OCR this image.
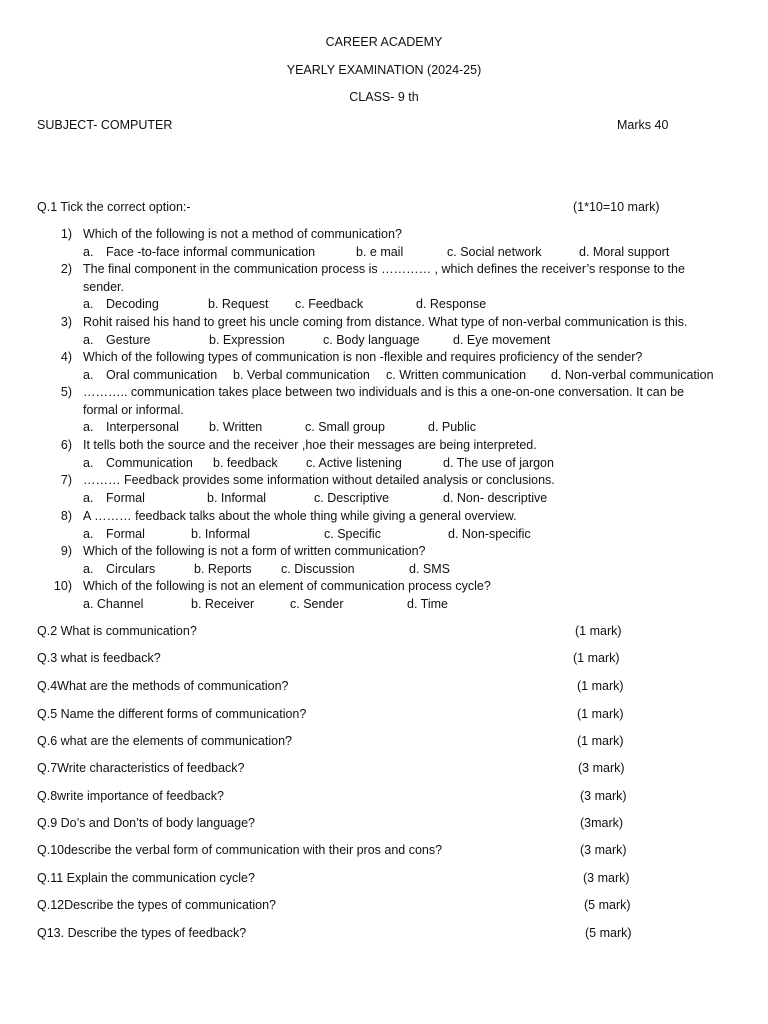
CAREER ACADEMY
YEARLY EXAMINATION (2024-25)
CLASS- 9 th
SUBJECT- COMPUTER	Marks 40
Q.1 Tick the correct option:-	(1*10=10 mark)
1) Which of the following is not a method of communication?
a. Face -to-face informal communication	b. e mail	c. Social network	d. Moral support
2) The final component in the communication process is ………… , which defines the receiver’s response to the
sender.
a. Decoding	b. Request c. Feedback	d. Response
3) Rohit raised his hand to greet his uncle coming from distance. What type of non-verbal communication is this.
a. Gesture	b. Expression	c. Body language	d. Eye movement
4) Which of the following types of communication is non -flexible and requires proficiency of the sender?
a. Oral communication b. Verbal communication c. Written communication d. Non-verbal communication
5) ……….. communication takes place between two individuals and is this a one-on-one conversation. It can be
formal or informal.
a. Interpersonal b. Written	c. Small group	d. Public
6) It tells both the source and the receiver ,hoe their messages are being interpreted.
a. Communication b. feedback c. Active listening	d. The use of jargon
7) ……… Feedback provides some information without detailed analysis or conclusions.
a. Formal	b. Informal	c. Descriptive	d. Non- descriptive
8) A ……… feedback talks about the whole thing while giving a general overview.
a. Formal	b. Informal	c. Specific	d. Non-specific
9) Which of the following is not a form of written communication?
a. Circulars	b. Reports c. Discussion	d. SMS
10) Which of the following is not an element of communication process cycle?
a. Channel	b. Receiver	c. Sender	d. Time
Q.2 What is communication?	(1 mark)
Q.3 what is feedback?	(1 mark)
Q.4What are the methods of communication?	(1 mark)
Q.5 Name the different forms of communication?	(1 mark)
Q.6 what are the elements of communication?	(1 mark)
Q.7Write characteristics of feedback?	(3 mark)
Q.8write importance of feedback?	(3 mark)
Q.9 Do’s and Don’ts of body language?	(3mark)
Q.10describe the verbal form of communication with their pros and cons?	(3 mark)
Q.11 Explain the communication cycle?	(3 mark)
Q.12Describe the types of communication?	(5 mark)
Q13. Describe the types of feedback?	(5 mark)
